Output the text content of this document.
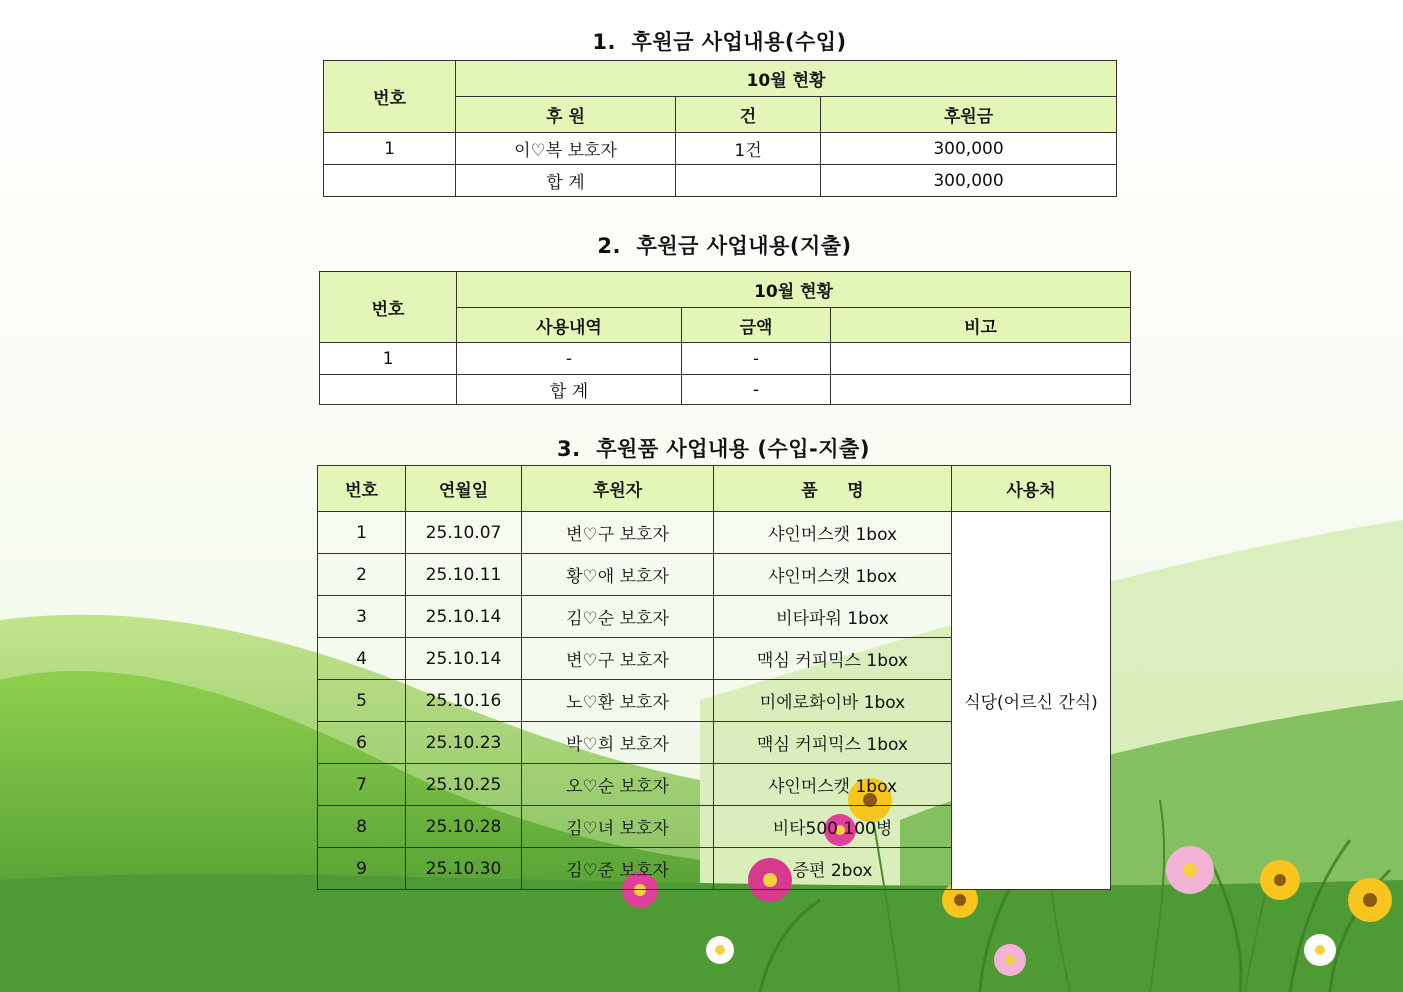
1.  후원금 사업내용(수입)
번호	10월 현황		
	후 원	건	후원금
1	이♡복 보호자	1건	300,000
	합 계		300,000
2.  후원금 사업내용(지출)
번호	10월 현황		
	사용내역	금액	비고
1	-	-	
	합 계	-	
3.  후원품 사업내용 (수입-지출)
번호	연월일	후원자	품     명	사용처
1	25.10.07	변♡구 보호자	샤인머스캣 1box	식당(어르신 간식)
2	25.10.11	황♡애 보호자	샤인머스캣 1box	
3	25.10.14	김♡순 보호자	비타파워 1box	
4	25.10.14	변♡구 보호자	맥심 커피믹스 1box	
5	25.10.16	노♡환 보호자	미에로화이바 1box	
6	25.10.23	박♡희 보호자	맥심 커피믹스 1box	
7	25.10.25	오♡순 보호자	샤인머스캣 1box	
8	25.10.28	김♡녀 보호자	비타500 100병	
9	25.10.30	김♡준 보호자	증편 2box	
